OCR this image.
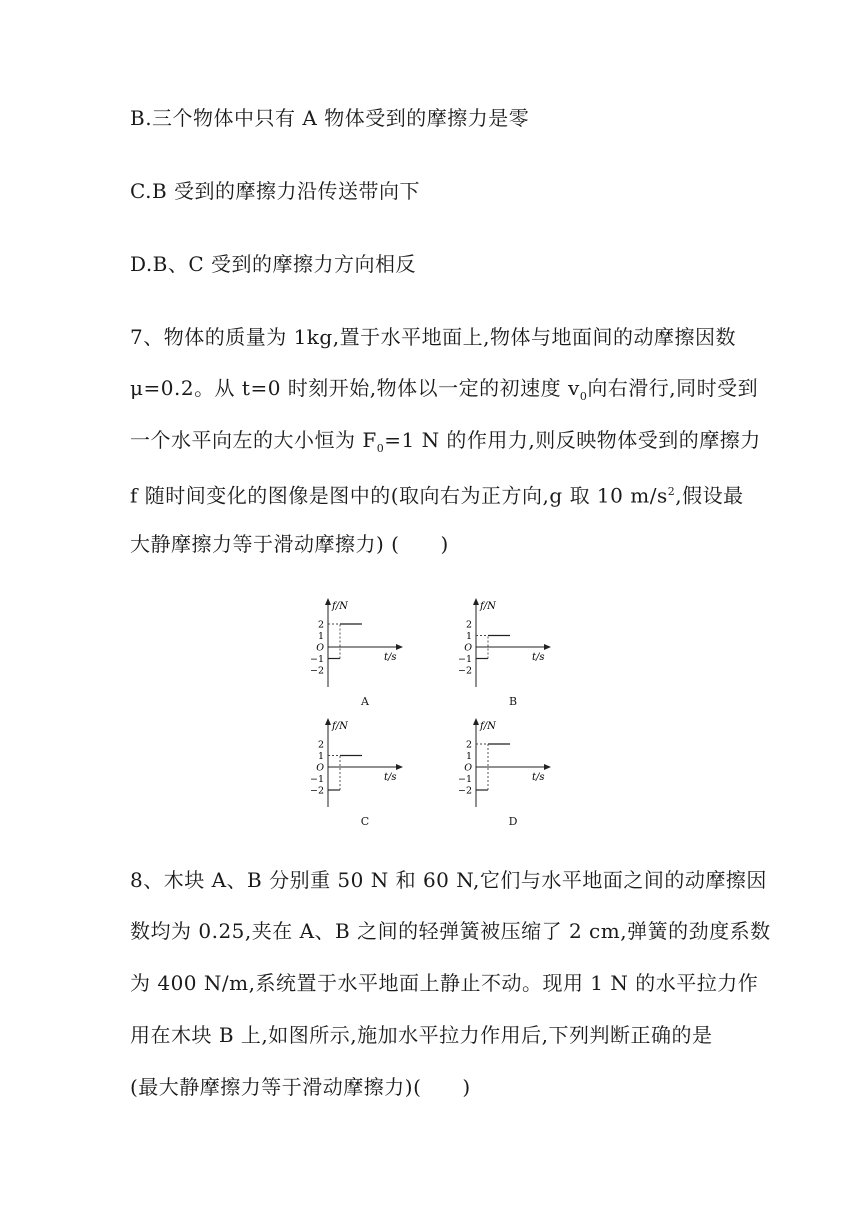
B.三个物体中只有 A 物体受到的摩擦力是零
C.B 受到的摩擦力沿传送带向下
D.B、C 受到的摩擦力方向相反
7、物体的质量为 1kg,置于水平地面上,物体与地面间的动摩擦因数
μ=0.2。从 t=0 时刻开始,物体以一定的初速度 $v_0$向右滑行,同时受到
一个水平向左的大小恒为 $F_0=1$ N 的作用力,则反映物体受到的摩擦力
f 随时间变化的图像是图中的(取向右为正方向,g 取 10 $m/s^2$,假设最
大静摩擦力等于滑动摩擦力) (　　)
f/N
t/s
2
1
O
−1
−2
A
f/N
t/s
2
1
O
−1
−2
B
f/N
t/s
2
1
O
−1
−2
C
f/N
t/s
2
1
O
−1
−2
D
8、木块 A、B 分别重 50 N 和 60 N,它们与水平地面之间的动摩擦因
数均为 0.25,夹在 A、B 之间的轻弹簧被压缩了 2 cm,弹簧的劲度系数
为 400 N/m,系统置于水平地面上静止不动。现用 1 N 的水平拉力作
用在木块 B 上,如图所示,施加水平拉力作用后,下列判断正确的是
(最大静摩擦力等于滑动摩擦力)(　　)
